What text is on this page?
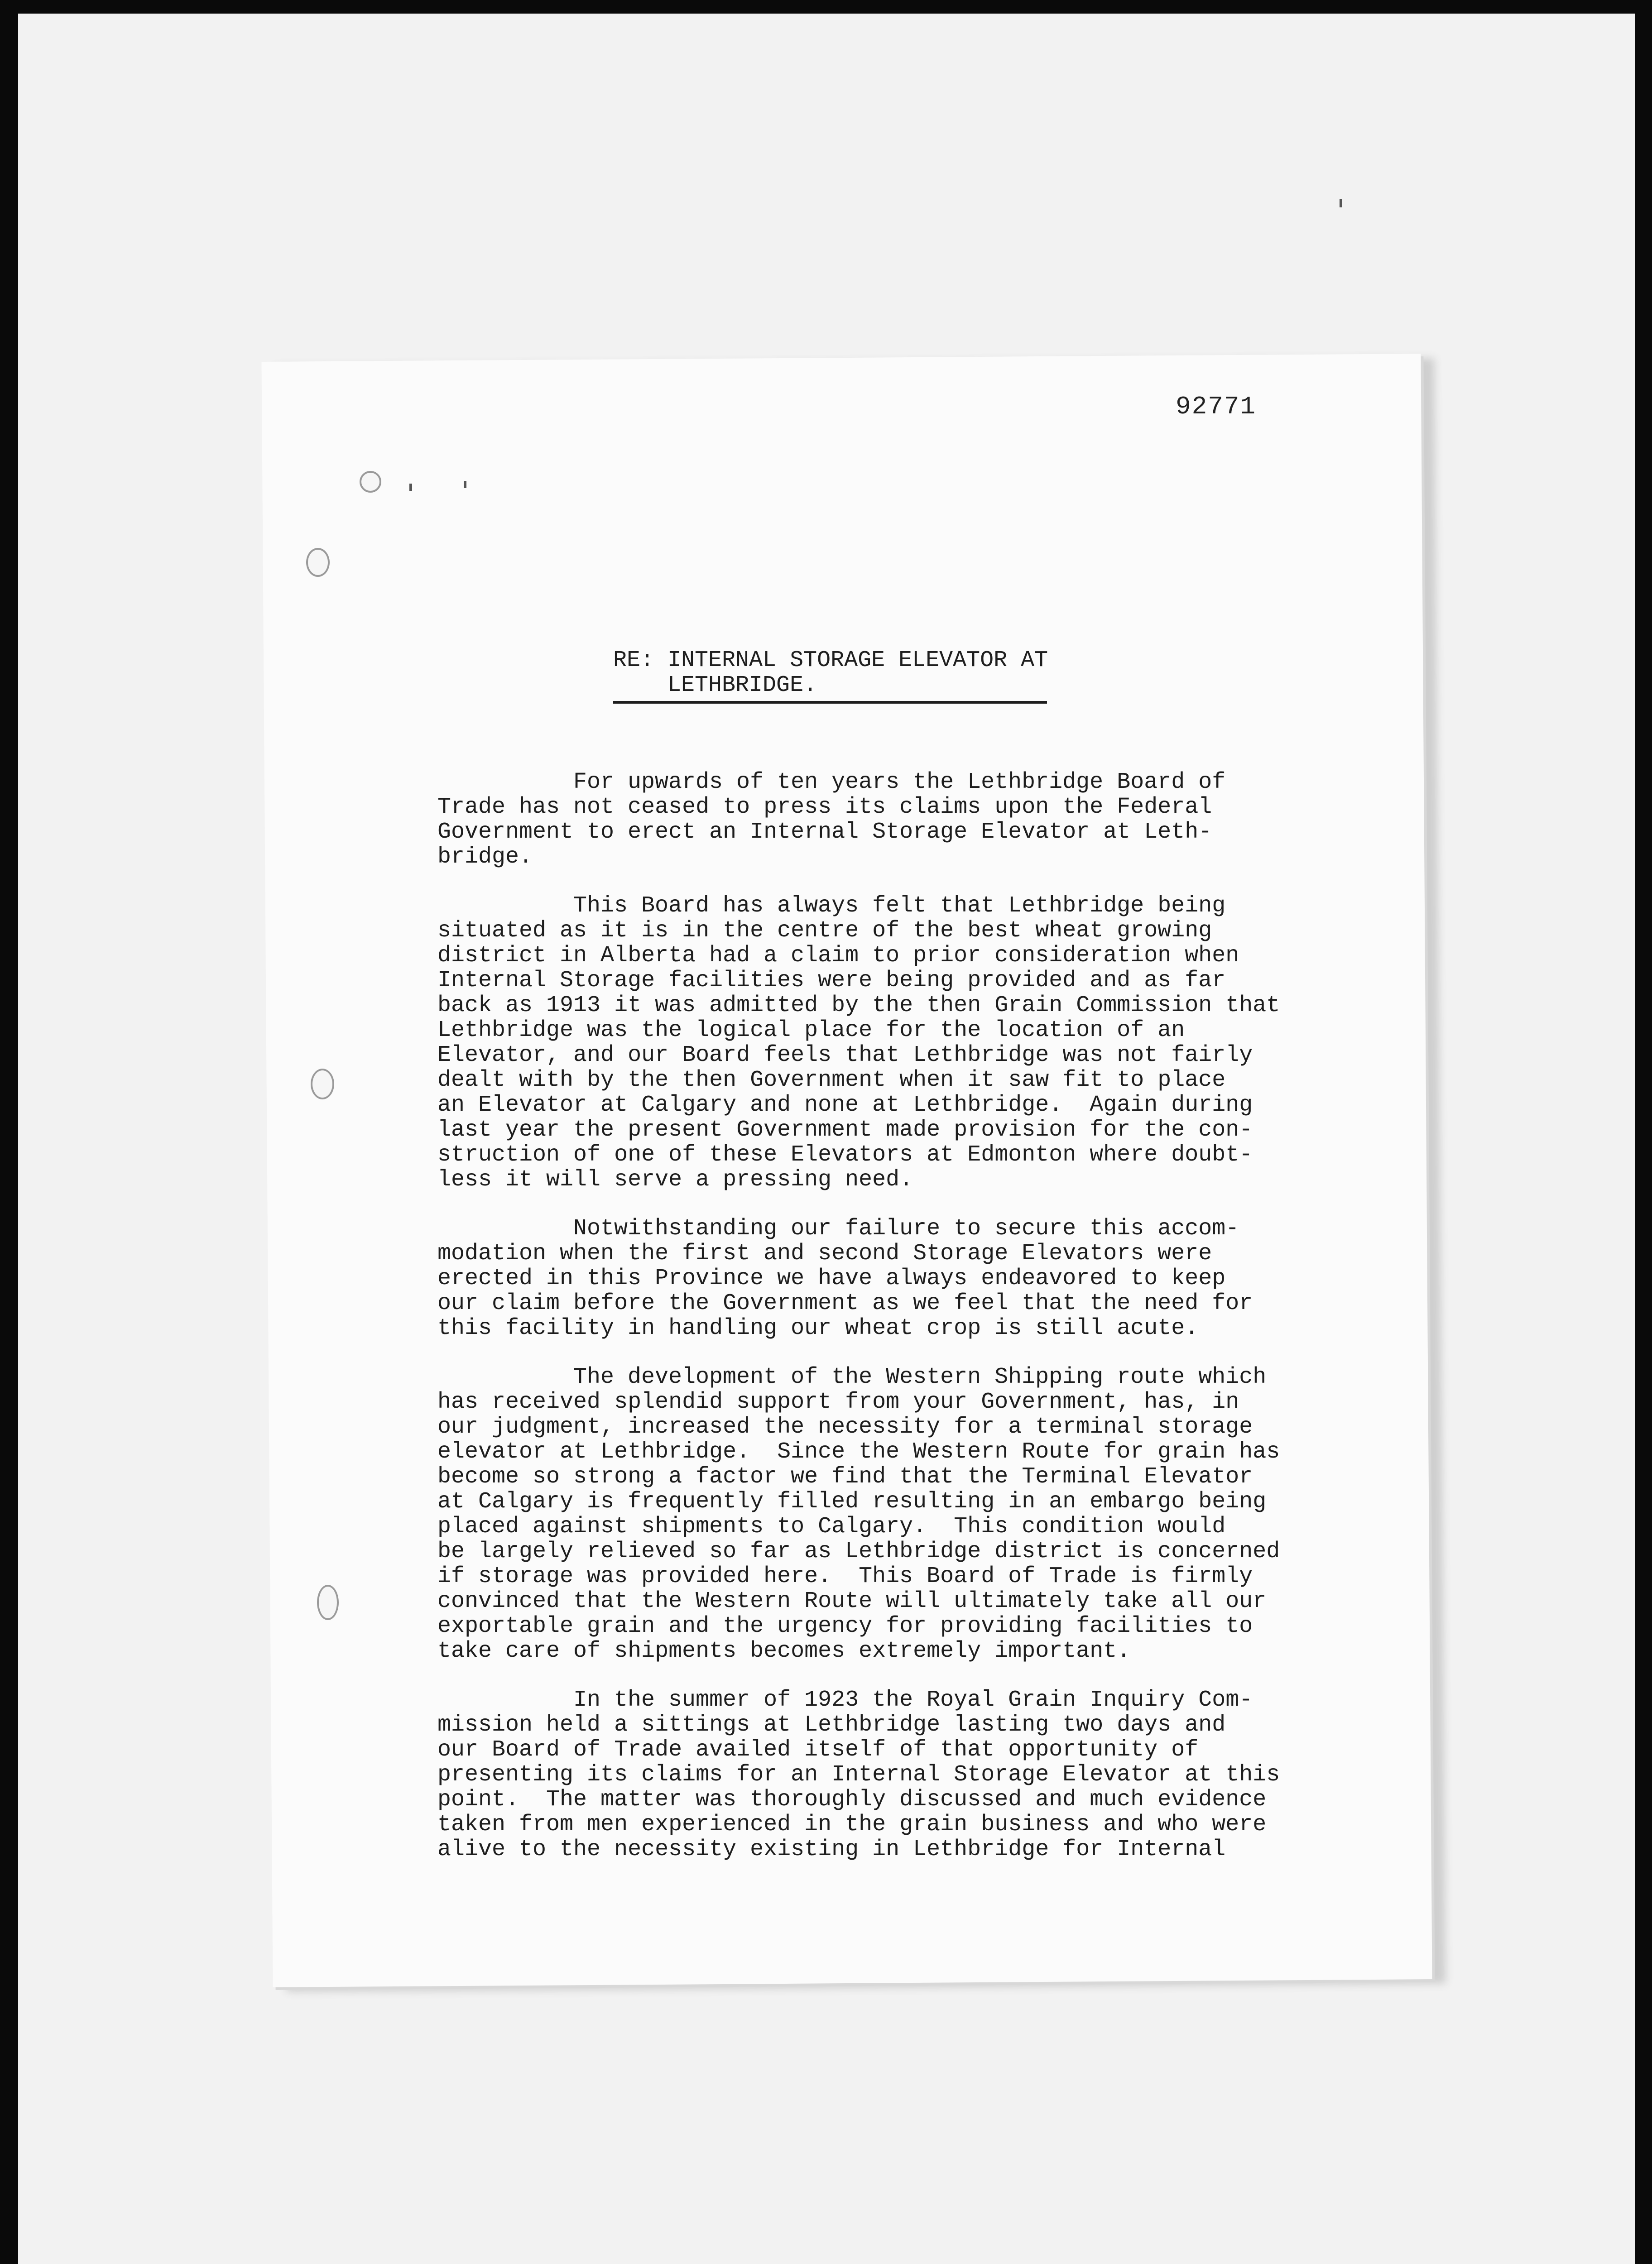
92771
RE: INTERNAL STORAGE ELEVATOR AT
LETHBRIDGE.
For upwards of ten years the Lethbridge Board of
Trade has not ceased to press its claims upon the Federal
Government to erect an Internal Storage Elevator at Leth-
bridge.
This Board has always felt that Lethbridge being
situated as it is in the centre of the best wheat growing
district in Alberta had a claim to prior consideration when
Internal Storage facilities were being provided and as far
back as 1913 it was admitted by the then Grain Commission that
Lethbridge was the logical place for the location of an
Elevator, and our Board feels that Lethbridge was not fairly
dealt with by the then Government when it saw fit to place
an Elevator at Calgary and none at Lethbridge.  Again during
last year the present Government made provision for the con-
struction of one of these Elevators at Edmonton where doubt-
less it will serve a pressing need.
Notwithstanding our failure to secure this accom-
modation when the first and second Storage Elevators were
erected in this Province we have always endeavored to keep
our claim before the Government as we feel that the need for
this facility in handling our wheat crop is still acute.
The development of the Western Shipping route which
has received splendid support from your Government, has, in
our judgment, increased the necessity for a terminal storage
elevator at Lethbridge.  Since the Western Route for grain has
become so strong a factor we find that the Terminal Elevator
at Calgary is frequently filled resulting in an embargo being
placed against shipments to Calgary.  This condition would
be largely relieved so far as Lethbridge district is concerned
if storage was provided here.  This Board of Trade is firmly
convinced that the Western Route will ultimately take all our
exportable grain and the urgency for providing facilities to
take care of shipments becomes extremely important.
In the summer of 1923 the Royal Grain Inquiry Com-
mission held a sittings at Lethbridge lasting two days and
our Board of Trade availed itself of that opportunity of
presenting its claims for an Internal Storage Elevator at this
point.  The matter was thoroughly discussed and much evidence
taken from men experienced in the grain business and who were
alive to the necessity existing in Lethbridge for Internal
